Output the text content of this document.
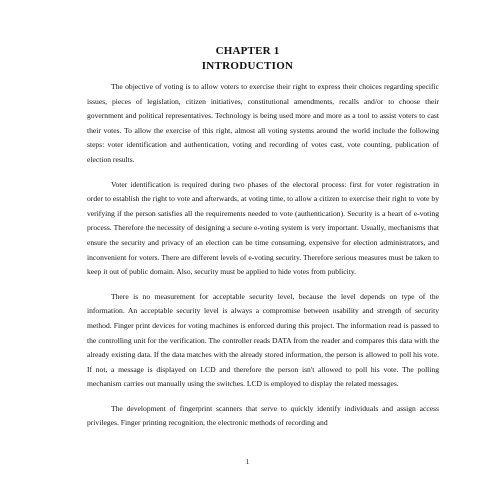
CHAPTER 1
INTRODUCTION

The objective of voting is to allow voters to exercise their right to express their choices regarding specific issues, pieces of legislation, citizen initiatives, constitutional amendments, recalls and/or to choose their government and political representatives. Technology is being used more and more as a tool to assist voters to cast their votes. To allow the exercise of this right, almost all voting systems around the world include the following steps: voter identification and authentication, voting and recording of votes cast, vote counting, publication of election results.

Voter identification is required during two phases of the electoral process: first for voter registration in order to establish the right to vote and afterwards, at voting time, to allow a citizen to exercise their right to vote by verifying if the person satisfies all the requirements needed to vote (authentication). Security is a heart of e-voting process. Therefore the necessity of designing a secure e-voting system is very important. Usually, mechanisms that ensure the security and privacy of an election can be time consuming, expensive for election administrators, and inconvenient for voters. There are different levels of e-voting security. Therefore serious measures must be taken to keep it out of public domain. Also, security must be applied to hide votes from publicity.

There is no measurement for acceptable security level, because the level depends on type of the information. An acceptable security level is always a compromise between usability and strength of security method. Finger print devices for voting machines is enforced during this project. The information read is passed to the controlling unit for the verification. The controller reads DATA from the reader and compares this data with the already existing data. If the data matches with the already stored information, the person is allowed to poll his vote. If not, a message is displayed on LCD and therefore the person isn't allowed to poll his vote. The polling mechanism carries out manually using the switches. LCD is employed to display the related messages.

The development of fingerprint scanners that serve to quickly identify individuals and assign access privileges. Finger printing recognition, the electronic methods of recording and

1
